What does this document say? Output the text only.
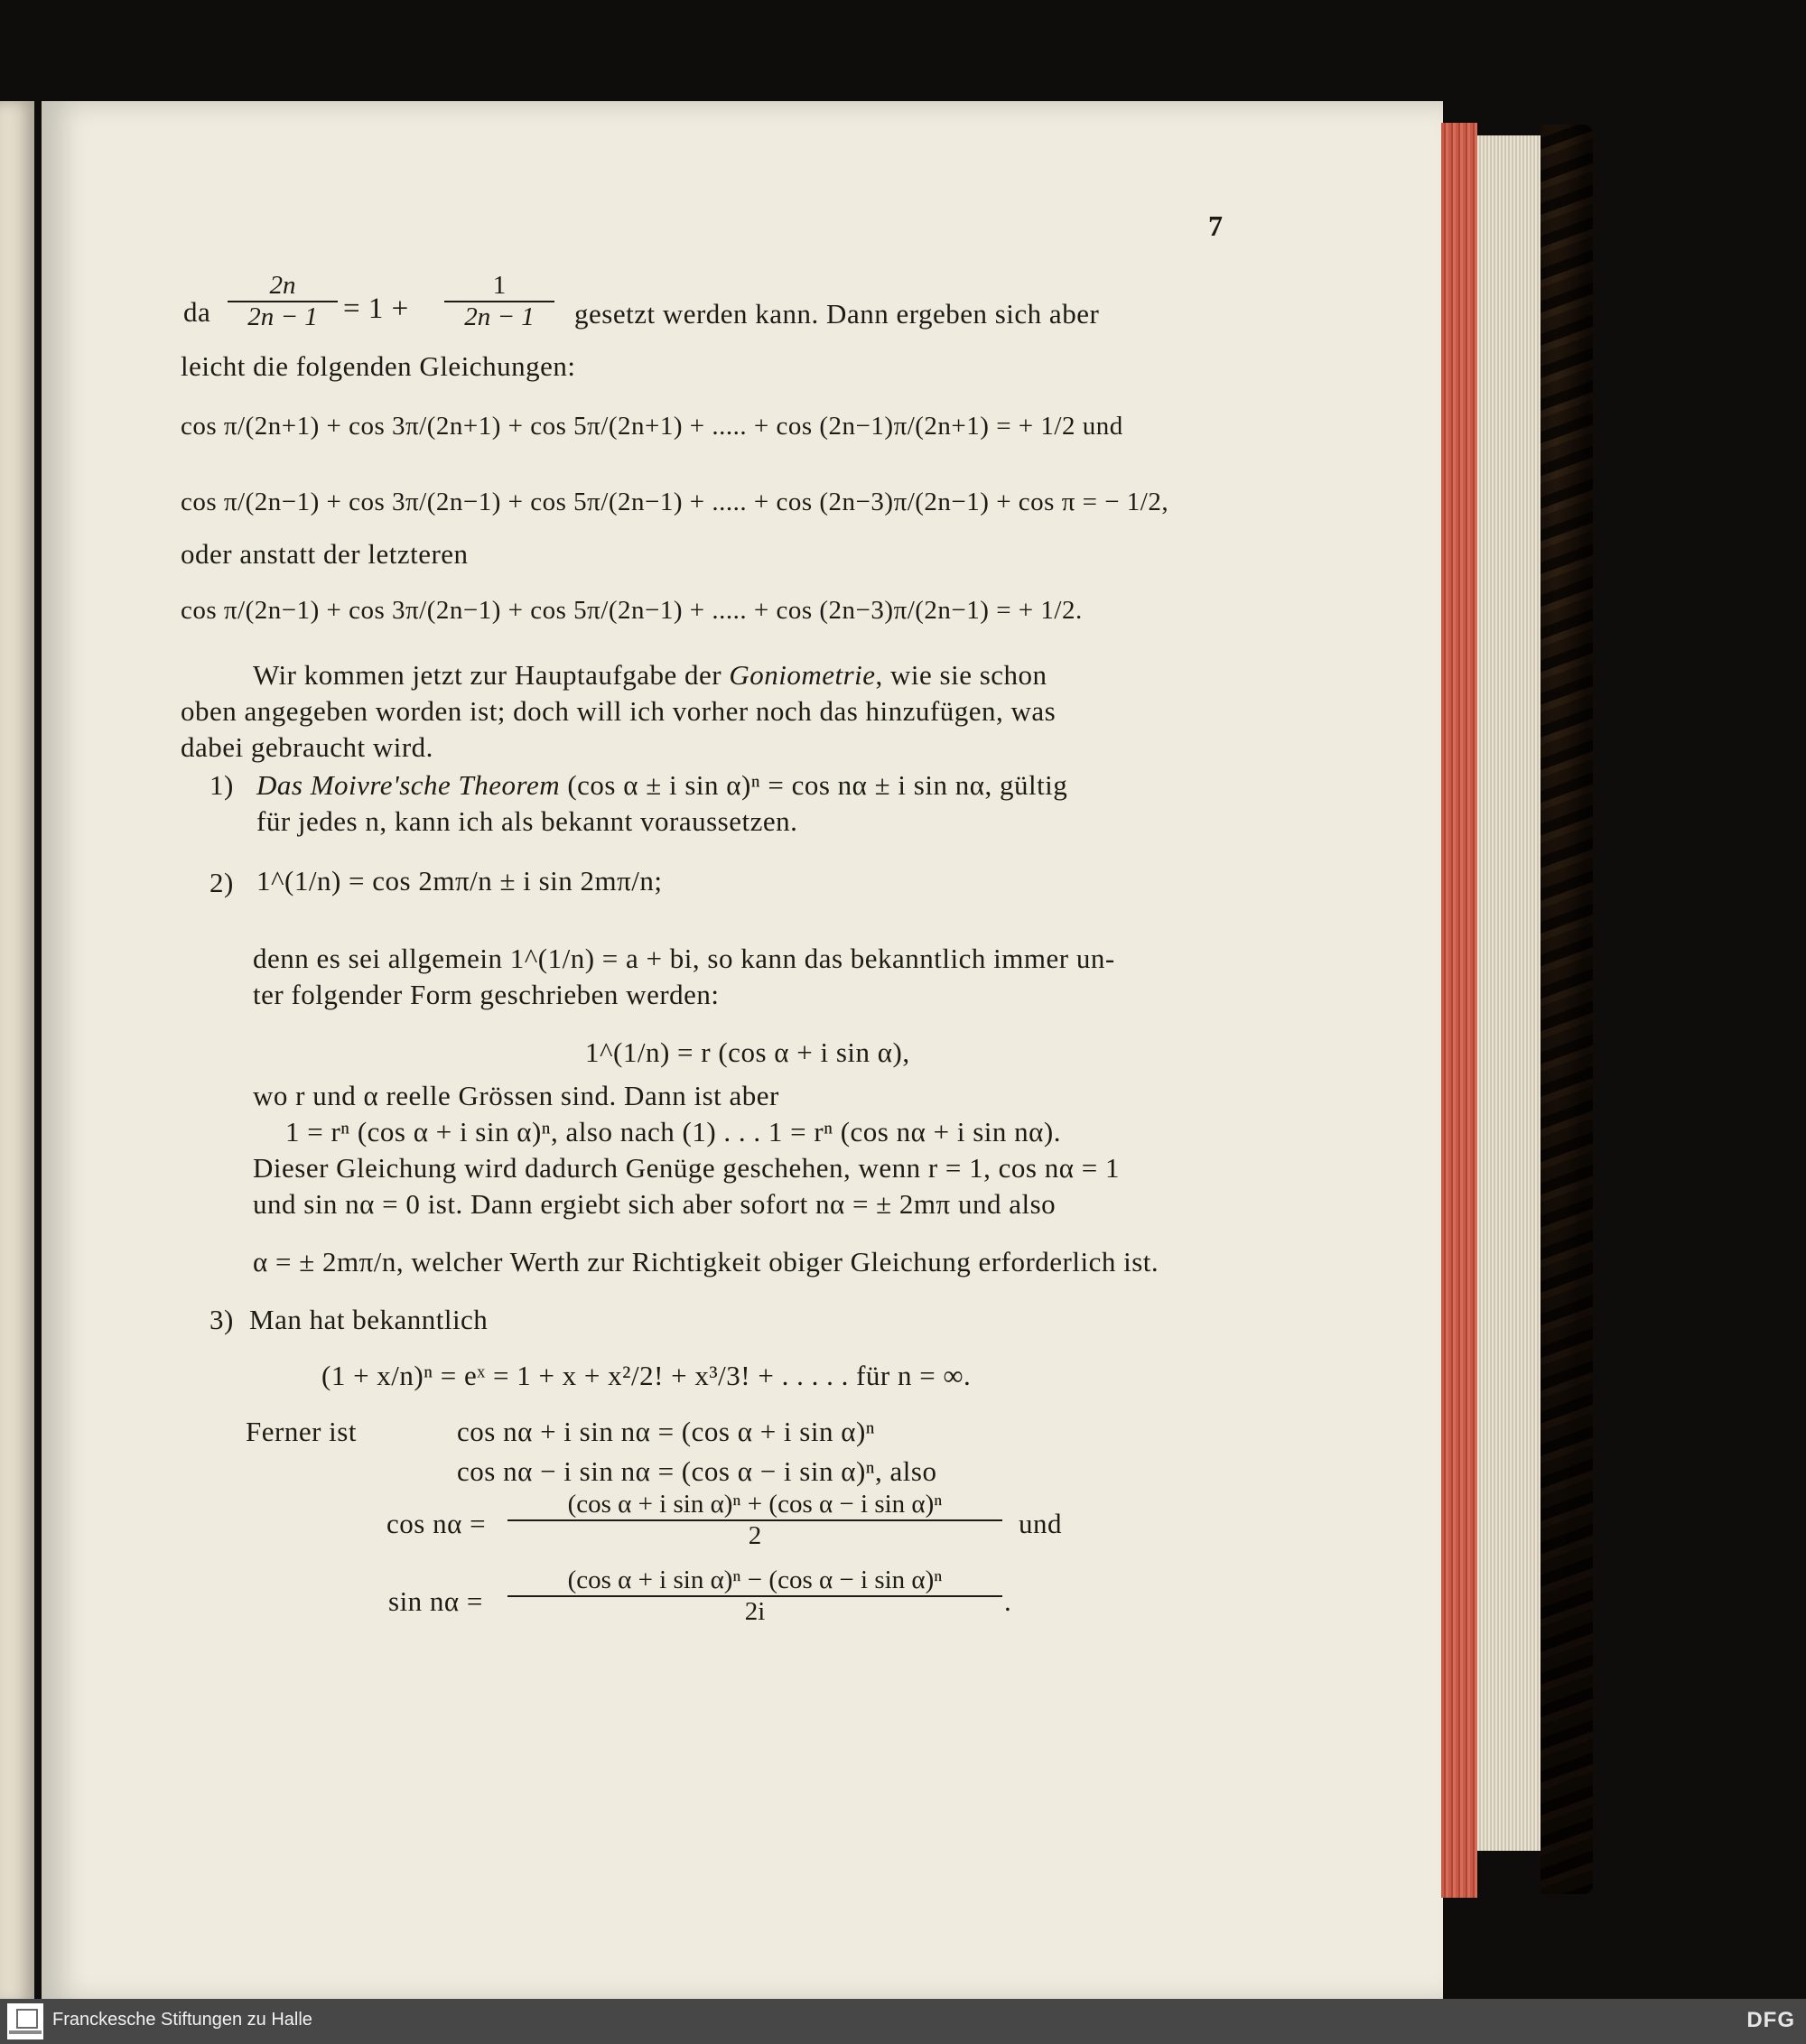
7
da $\frac{2n}{2n - 1} = 1 + \frac{1}{2n - 1}$ gesetzt werden kann. Dann ergeben sich aber
leicht die folgenden Gleichungen:
cos π/(2n+1) + cos 3π/(2n+1) + cos 5π/(2n+1) + ..... + cos (2n−1)π/(2n+1) = + 1/2 und
cos π/(2n−1) + cos 3π/(2n−1) + cos 5π/(2n−1) + ..... + cos (2n−3)π/(2n−1) + cos π = − 1/2,
oder anstatt der letzteren
cos π/(2n−1) + cos 3π/(2n−1) + cos 5π/(2n−1) + ..... + cos (2n−3)π/(2n−1) = + 1/2.
Wir kommen jetzt zur Hauptaufgabe der Goniometrie, wie sie schon
oben angegeben worden ist; doch will ich vorher noch das hinzufügen, was
dabei gebraucht wird.
1) Das Moivre'sche Theorem (cos α ± i sin α)ⁿ = cos nα ± i sin nα, gültig
für jedes n, kann ich als bekannt voraussetzen.
2) 1^(1/n) = cos 2mπ/n ± i sin 2mπ/n;
denn es sei allgemein 1^(1/n) = a + bi, so kann das bekanntlich immer un-
ter folgender Form geschrieben werden:
1^(1/n) = r (cos α + i sin α),
wo r und α reelle Grössen sind. Dann ist aber
1 = rⁿ (cos α + i sin α)ⁿ, also nach (1) . . . 1 = rⁿ (cos nα + i sin nα).
Dieser Gleichung wird dadurch Genüge geschehen, wenn r = 1, cos nα = 1
und sin nα = 0 ist. Dann ergiebt sich aber sofort nα = ± 2mπ und also
α = ± 2mπ/n, welcher Werth zur Richtigkeit obiger Gleichung erforderlich ist.
3) Man hat bekanntlich
(1 + x/n)ⁿ = eˣ = 1 + x + x²/2! + x³/3! + . . . . . für n = ∞.
Ferner ist	cos nα + i sin nα = (cos α + i sin α)ⁿ
cos nα − i sin nα = (cos α − i sin α)ⁿ, also
$\cos n\alpha = \frac{\text{(cos α + i sin α)ⁿ + (cos α − i sin α)ⁿ}}{2}$ und
$\sin n\alpha = \frac{\text{(cos α + i sin α)ⁿ − (cos α − i sin α)ⁿ}}{2i}$ .
Franckesche Stiftungen zu Halle	DFG
